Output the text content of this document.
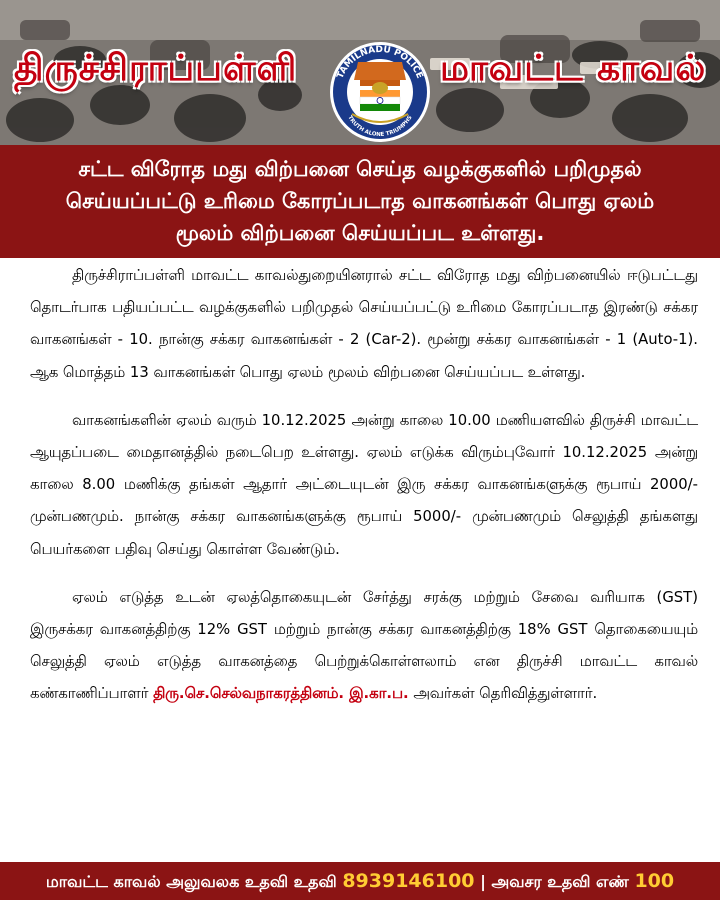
திருச்சிராப்பள்ளி	TAMILNADU POLICE
TRUTH ALONE TRIUMPHS
மாவட்ட காவல்
சட்ட விரோத மது விற்பனை செய்த வழக்குகளில் பறிமுதல்
செய்யப்பட்டு உரிமை கோரப்படாத வாகனங்கள் பொது ஏலம்
மூலம் விற்பனை செய்யப்பட உள்ளது.

திருச்சிராப்பள்ளி மாவட்ட காவல்துறையினரால் சட்ட விரோத மது விற்பனையில் ஈடுபட்டது தொடர்பாக பதியப்பட்ட வழக்குகளில் பறிமுதல் செய்யப்பட்டு உரிமை கோரப்படாத இரண்டு சக்கர வாகனங்கள் - 10. நான்கு சக்கர வாகனங்கள் - 2 (Car-2). மூன்று சக்கர வாகனங்கள் - 1 (Auto-1). ஆக மொத்தம் 13 வாகனங்கள் பொது ஏலம் மூலம் விற்பனை செய்யப்பட உள்ளது.

வாகனங்களின் ஏலம் வரும் 10.12.2025 அன்று காலை 10.00 மணியளவில் திருச்சி மாவட்ட ஆயுதப்படை மைதானத்தில் நடைபெற உள்ளது. ஏலம் எடுக்க விரும்புவோர் 10.12.2025 அன்று காலை 8.00 மணிக்கு தங்கள் ஆதார் அட்டையுடன் இரு சக்கர வாகனங்களுக்கு ரூபாய் 2000/- முன்பணமும். நான்கு சக்கர வாகனங்களுக்கு ரூபாய் 5000/- முன்பணமும் செலுத்தி தங்களது பெயர்களை பதிவு செய்து கொள்ள வேண்டும்.

ஏலம் எடுத்த உடன் ஏலத்தொகையுடன் சேர்த்து சரக்கு மற்றும் சேவை வரியாக (GST) இருசக்கர வாகனத்திற்கு 12% GST மற்றும் நான்கு சக்கர வாகனத்திற்கு 18% GST தொகையையும் செலுத்தி ஏலம் எடுத்த வாகனத்தை பெற்றுக்கொள்ளலாம் என திருச்சி மாவட்ட காவல் கண்காணிப்பாளர் திரு.செ.செல்வநாகரத்தினம். இ.கா.ப. அவர்கள் தெரிவித்துள்ளார்.

மாவட்ட காவல் அலுவலக உதவி உதவி 8939146100 | அவசர உதவி எண் 100
